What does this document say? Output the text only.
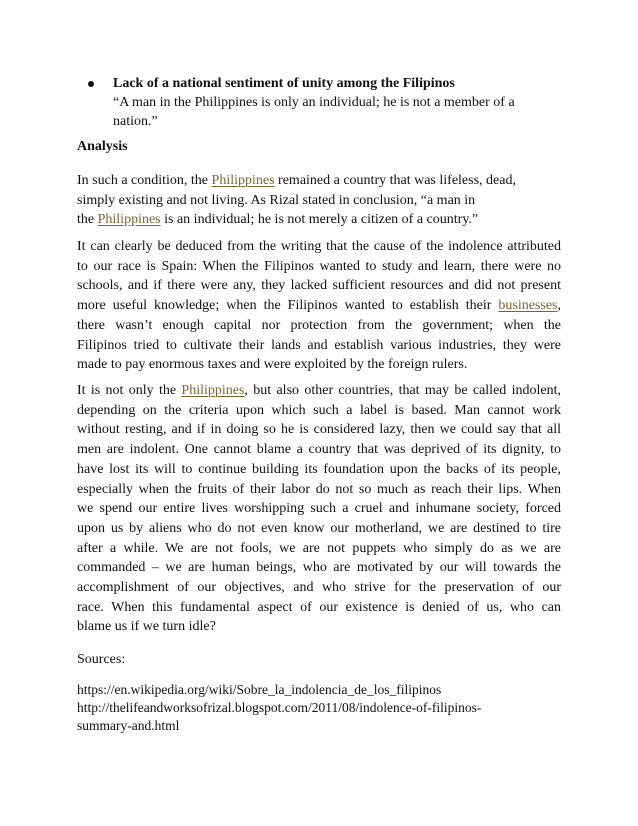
Lack of a national sentiment of unity among the Filipinos
“A man in the Philippines is only an individual; he is not a member of a
nation.”
Analysis
In such a condition, the Philippines remained a country that was lifeless, dead,
simply existing and not living. As Rizal stated in conclusion, “a man in
the Philippines is an individual; he is not merely a citizen of a country.”
It can clearly be deduced from the writing that the cause of the indolence attributed
to our race is Spain: When the Filipinos wanted to study and learn, there were no
schools, and if there were any, they lacked sufficient resources and did not present
more useful knowledge; when the Filipinos wanted to establish their businesses,
there wasn’t enough capital nor protection from the government; when the
Filipinos tried to cultivate their lands and establish various industries, they were
made to pay enormous taxes and were exploited by the foreign rulers.
It is not only the Philippines, but also other countries, that may be called indolent,
depending on the criteria upon which such a label is based. Man cannot work
without resting, and if in doing so he is considered lazy, then we could say that all
men are indolent. One cannot blame a country that was deprived of its dignity, to
have lost its will to continue building its foundation upon the backs of its people,
especially when the fruits of their labor do not so much as reach their lips. When
we spend our entire lives worshipping such a cruel and inhumane society, forced
upon us by aliens who do not even know our motherland, we are destined to tire
after a while. We are not fools, we are not puppets who simply do as we are
commanded – we are human beings, who are motivated by our will towards the
accomplishment of our objectives, and who strive for the preservation of our
race. When this fundamental aspect of our existence is denied of us, who can
blame us if we turn idle?
Sources:
https://en.wikipedia.org/wiki/Sobre_la_indolencia_de_los_filipinos
http://thelifeandworksofrizal.blogspot.com/2011/08/indolence-of-filipinos-
summary-and.html
